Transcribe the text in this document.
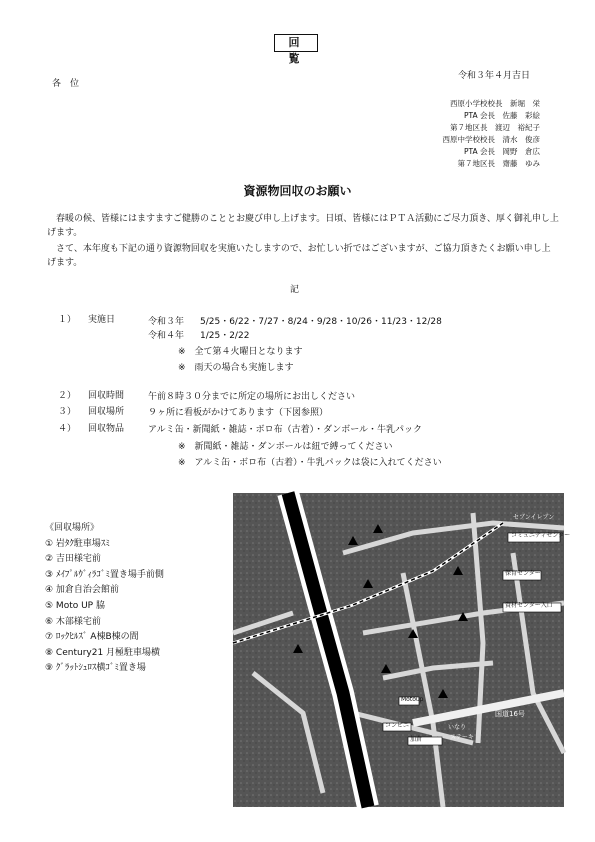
回　覧
各　位
令和３年４月吉日
西原小学校校長　 新堀　栄
PTA 会長　 佐藤　彩絵
第７地区長　 渡辺　裕紀子
西原中学校校長　 清水　俊彦
PTA 会長　 岡野　倉広
第７地区長　 齋藤　ゆみ
資源物回収のお願い

　春暖の候、皆様にはますますご健勝のこととお慶び申し上げます。日頃、皆様にはＰＴＡ活動にご尽力頂き、厚く御礼申し上げます。

　さて、本年度も下記の通り資源物回収を実施いたしますので、お忙しい折ではございますが、ご協力頂きたくお願い申し上げます。

記
１） 実施日	令和３年 5/25・6/22・7/27・8/24・9/28・10/26・11/23・12/28
令和４年 1/25・2/22
※　全て第４火曜日となります
※　雨天の場合も実施します
２） 回収時間	午前８時３０分までに所定の場所にお出しください
３） 回収場所	９ヶ所に看板がかけてあります（下図参照）
４） 回収物品	アルミ缶・新聞紙・雑誌・ボロ布（古着）・ダンボール・牛乳パック
※　新聞紙・雑誌・ダンボールは紐で縛ってください
※　アルミ缶・ボロ布（古着）・牛乳パックは袋に入れてください
《回収場所》
① 岩ﾀｸ駐車場ｽﾐ
② 吉田様宅前
③ ﾒｲﾌﾟﾙｳﾞｨﾗｺﾞﾐ置き場手前側
④ 加倉自治会館前
⑤ Moto UP 脇
⑥ 木部様宅前
⑦ ﾛｯｸﾋﾙｽﾞ A棟B棟の間
⑧ Century21 月極駐車場横
⑨ ｸﾞﾗｯﾄｼｭﾛｽ横ｺﾞﾐ置き場
コミュニティセンター
保育センター
資材センター入口
セブンイレブン
国道16号
コンビニ
Motoup
加倉
いなり
ステーキ
